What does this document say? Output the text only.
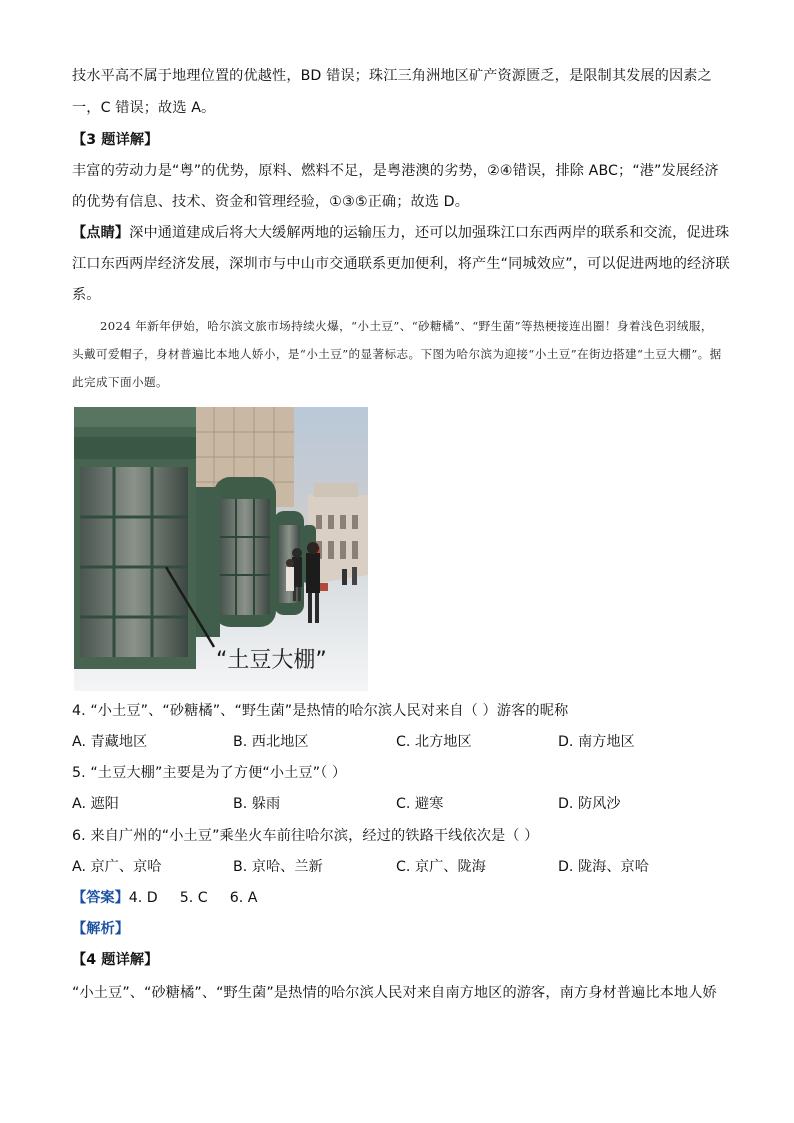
技水平高不属于地理位置的优越性，BD 错误；珠江三角洲地区矿产资源匮乏，是限制其发展的因素之
一，C 错误；故选 A。
【3 题详解】
丰富的劳动力是“粤”的优势，原料、燃料不足，是粤港澳的劣势，②④错误，排除 ABC；“港”发展经济
的优势有信息、技术、资金和管理经验，①③⑤正确；故选 D。
【点睛】深中通道建成后将大大缓解两地的运输压力，还可以加强珠江口东西两岸的联系和交流，促进珠
江口东西两岸经济发展，深圳市与中山市交通联系更加便利，将产生“同城效应”，可以促进两地的经济联
系。
2024 年新年伊始，哈尔滨文旅市场持续火爆，“小土豆”、“砂糖橘”、“野生菌”等热梗接连出圈！身着浅色羽绒服，头戴可爱帽子，身材普遍比本地人娇小，是“小土豆”的显著标志。下图为哈尔滨为迎接“小土豆”在街边搭建“土豆大棚”。据此完成下面小题。
“土豆大棚”
4. “小土豆”、“砂糖橘”、“野生菌”是热情的哈尔滨人民对来自（ ）游客的昵称
A. 青藏地区	B. 西北地区	C. 北方地区	D. 南方地区
5. “土豆大棚”主要是为了方便“小土豆”（ ）
A. 遮阳	B. 躲雨	C. 避寒	D. 防风沙
6. 来自广州的“小土豆”乘坐火车前往哈尔滨，经过的铁路干线依次是（ ）
A. 京广、京哈	B. 京哈、兰新	C. 京广、陇海	D. 陇海、京哈
【答案】4. D 5. C 6. A
【解析】
【4 题详解】
“小土豆”、“砂糖橘”、“野生菌”是热情的哈尔滨人民对来自南方地区的游客，南方身材普遍比本地人娇
